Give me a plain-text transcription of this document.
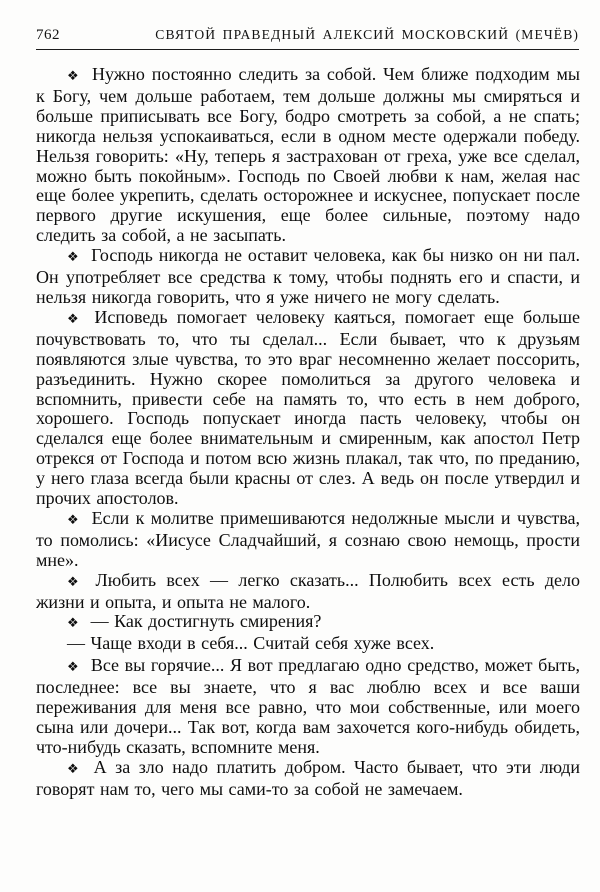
762	СВЯТОЙ ПРАВЕДНЫЙ АЛЕКСИЙ МОСКОВСКИЙ (МЕЧЁВ)

❖ Нужно постоянно следить за собой. Чем ближе подходим мы к Богу, чем дольше работаем, тем дольше должны мы смиряться и больше приписывать все Богу, бодро смотреть за собой, а не спать; никогда нельзя успокаиваться, если в одном месте одержали победу. Нельзя говорить: «Ну, теперь я застрахован от греха, уже все сделал, можно быть покойным». Господь по Своей любви к нам, желая нас еще более укрепить, сделать осторожнее и искуснее, попускает после первого другие искушения, еще более сильные, поэтому надо следить за собой, а не засыпать.

❖ Господь никогда не оставит человека, как бы низко он ни пал. Он употребляет все средства к тому, чтобы поднять его и спасти, и нельзя никогда говорить, что я уже ничего не могу сделать.

❖ Исповедь помогает человеку каяться, помогает еще больше почувствовать то, что ты сделал... Если бывает, что к друзьям появляются злые чувства, то это враг несомненно желает поссорить, разъединить. Нужно скорее помолиться за другого человека и вспомнить, привести себе на память то, что есть в нем доброго, хорошего. Господь попускает иногда пасть человеку, чтобы он сделался еще более внимательным и смиренным, как апостол Петр отрекся от Господа и потом всю жизнь плакал, так что, по преданию, у него глаза всегда были красны от слез. А ведь он после утвердил и прочих апостолов.

❖ Если к молитве примешиваются недолжные мысли и чувства, то помолись: «Иисусе Сладчайший, я сознаю свою немощь, прости мне».

❖ Любить всех — легко сказать... Полюбить всех есть дело жизни и опыта, и опыта не малого.

❖ — Как достигнуть смирения?

— Чаще входи в себя... Считай себя хуже всех.

❖ Все вы горячие... Я вот предлагаю одно средство, может быть, последнее: все вы знаете, что я вас люблю всех и все ваши переживания для меня все равно, что мои собственные, или моего сына или дочери... Так вот, когда вам захочется кого-нибудь обидеть, что-нибудь сказать, вспомните меня.

❖ А за зло надо платить добром. Часто бывает, что эти люди говорят нам то, чего мы сами-то за собой не замечаем.
